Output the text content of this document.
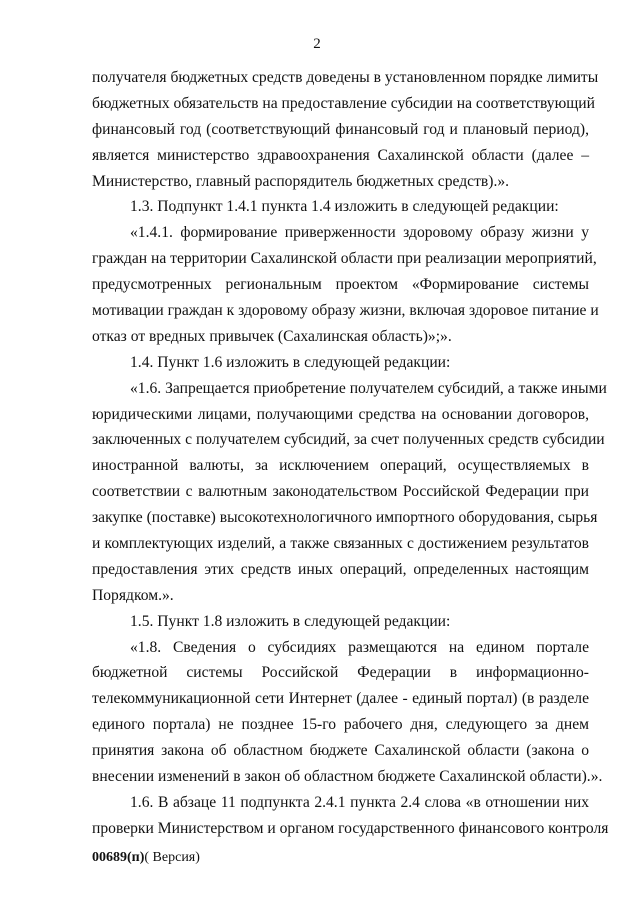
2
получателя бюджетных средств доведены в установленном порядке лимиты
бюджетных обязательств на предоставление субсидии на соответствующий
финансовый год (соответствующий финансовый год и плановый период),
является министерство здравоохранения Сахалинской области (далее –
Министерство, главный распорядитель бюджетных средств).».
1.3. Подпункт 1.4.1 пункта 1.4 изложить в следующей редакции:
«1.4.1. формирование приверженности здоровому образу жизни у
граждан на территории Сахалинской области при реализации мероприятий,
предусмотренных региональным проектом «Формирование системы
мотивации граждан к здоровому образу жизни, включая здоровое питание и
отказ от вредных привычек (Сахалинская область)»;».
1.4. Пункт 1.6 изложить в следующей редакции:
«1.6. Запрещается приобретение получателем субсидий, а также иными
юридическими лицами, получающими средства на основании договоров,
заключенных с получателем субсидий, за счет полученных средств субсидии
иностранной валюты, за исключением операций, осуществляемых в
соответствии с валютным законодательством Российской Федерации при
закупке (поставке) высокотехнологичного импортного оборудования, сырья
и комплектующих изделий, а также связанных с достижением результатов
предоставления этих средств иных операций, определенных настоящим
Порядком.».
1.5. Пункт 1.8 изложить в следующей редакции:
«1.8. Сведения о субсидиях размещаются на едином портале
бюджетной системы Российской Федерации в информационно-
телекоммуникационной сети Интернет (далее - единый портал) (в разделе
единого портала) не позднее 15-го рабочего дня, следующего за днем
принятия закона об областном бюджете Сахалинской области (закона о
внесении изменений в закон об областном бюджете Сахалинской области).».
1.6. В абзаце 11 подпункта 2.4.1 пункта 2.4 слова «в отношении них
проверки Министерством и органом государственного финансового контроля
00689(п)( Версия)
